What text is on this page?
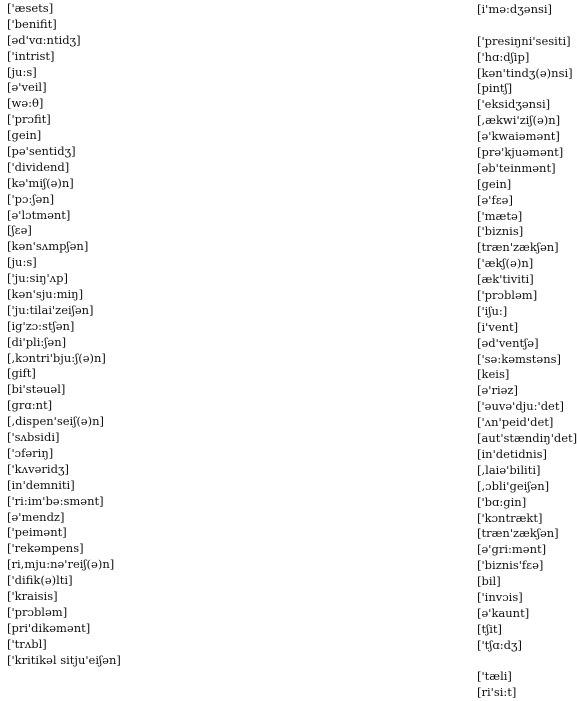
['æsets]
['benifit]
[əd'vɑ:ntidʒ]
['intrist]
[ju:s]
[ə'veil]
[wə:θ]
['prɔfit]
[gein]
[pə'sentidʒ]
['dividend]
[kə'miʃ(ə)n]
['pɔ:ʃən]
[ə'lɔtmənt]
[ʃεə]
[kən'sʌmpʃən]
[ju:s]
['ju:siŋ'ʌp]
[kən'sju:miŋ]
['ju:tilai'zeiʃən]
[ig'zɔ:stʃən]
[di'pli:ʃən]
[,kɔntri'bju:ʃ(ə)n]
[gift]
[bi'stəuəl]
[grɑ:nt]
[,dispen'seiʃ(ə)n]
['sʌbsidi]
['ɔfəriŋ]
['kʌvəridʒ]
[in'demniti]
['ri:im'bə:smənt]
[ə'mendz]
['peimənt]
['rekəmpens]
[ri,mju:nə'reiʃ(ə)n]
['difik(ə)lti]
['kraisis]
['prɔbləm]
[pri'dikəmənt]
['trʌbl]
['kritikəl sitju'eiʃən]
[i'mə:dʒənsi]
['presiŋni'sesiti]
['hɑ:dʃip]
[kən'tindʒ(ə)nsi]
[pintʃ]
['eksidʒənsi]
[,ækwi'ziʃ(ə)n]
[ə'kwaiəmənt]
[prə'kjuəmənt]
[əb'teinmənt]
[gein]
[ə'fεə]
['mætə]
['biznis]
[træn'zækʃən]
['ækʃ(ə)n]
[æk'tiviti]
['prɔbləm]
['iʃu:]
[i'vent]
[əd'ventʃə]
['sə:kəmstəns]
[keis]
[ə'riəz]
['əuvə'dju:'det]
['ʌn'peid'det]
[aut'stændiŋ'det]
[in'detidnis]
[,laiə'biliti]
[,ɔbli'geiʃən]
['bɑ:gin]
['kɔntrækt]
[træn'zækʃən]
[ə'gri:mənt]
['biznis'fεə]
[bil]
['invɔis]
[ə'kaunt]
[tʃit]
['tʃɑ:dʒ]
['tæli]
[ri'si:t]
